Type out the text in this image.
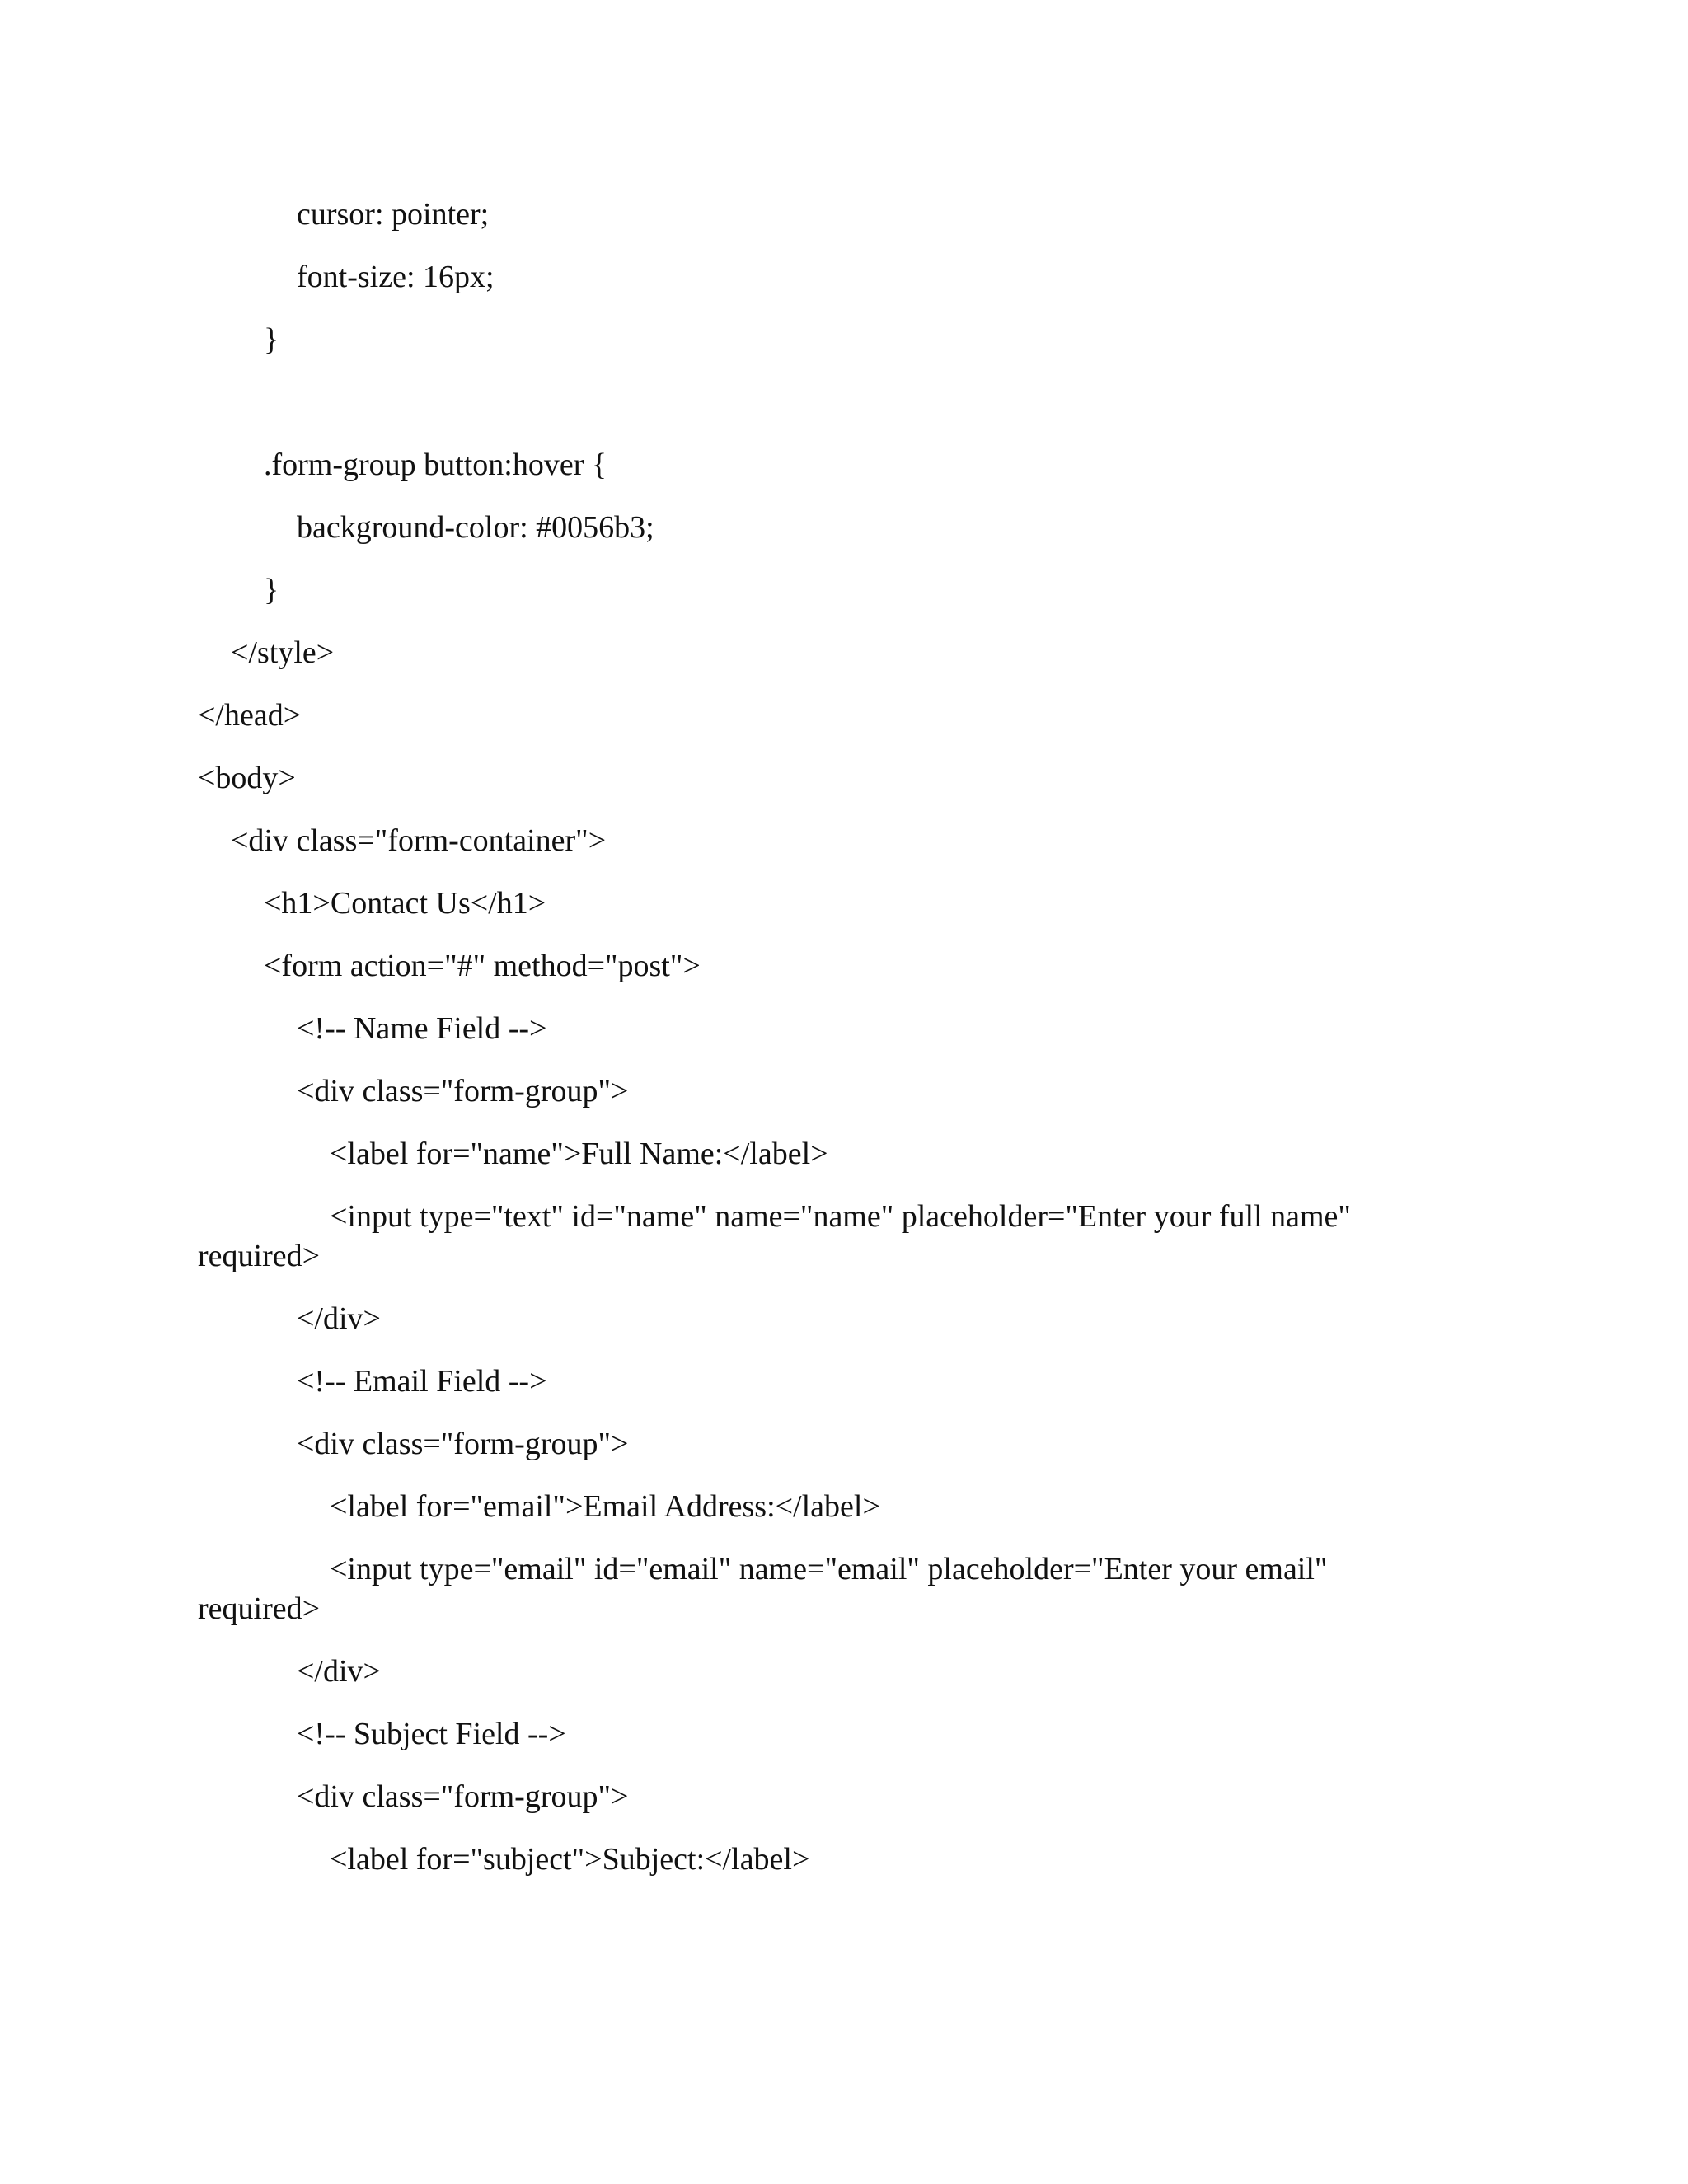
cursor: pointer;
font-size: 16px;
}
.form-group button:hover {
background-color: #0056b3;
}
</style>
</head>
<body>
<div class="form-container">
<h1>Contact Us</h1>
<form action="#" method="post">
<!-- Name Field -->
<div class="form-group">
<label for="name">Full Name:</label>
<input type="text" id="name" name="name" placeholder="Enter your full name"
required>
</div>
<!-- Email Field -->
<div class="form-group">
<label for="email">Email Address:</label>
<input type="email" id="email" name="email" placeholder="Enter your email"
required>
</div>
<!-- Subject Field -->
<div class="form-group">
<label for="subject">Subject:</label>
